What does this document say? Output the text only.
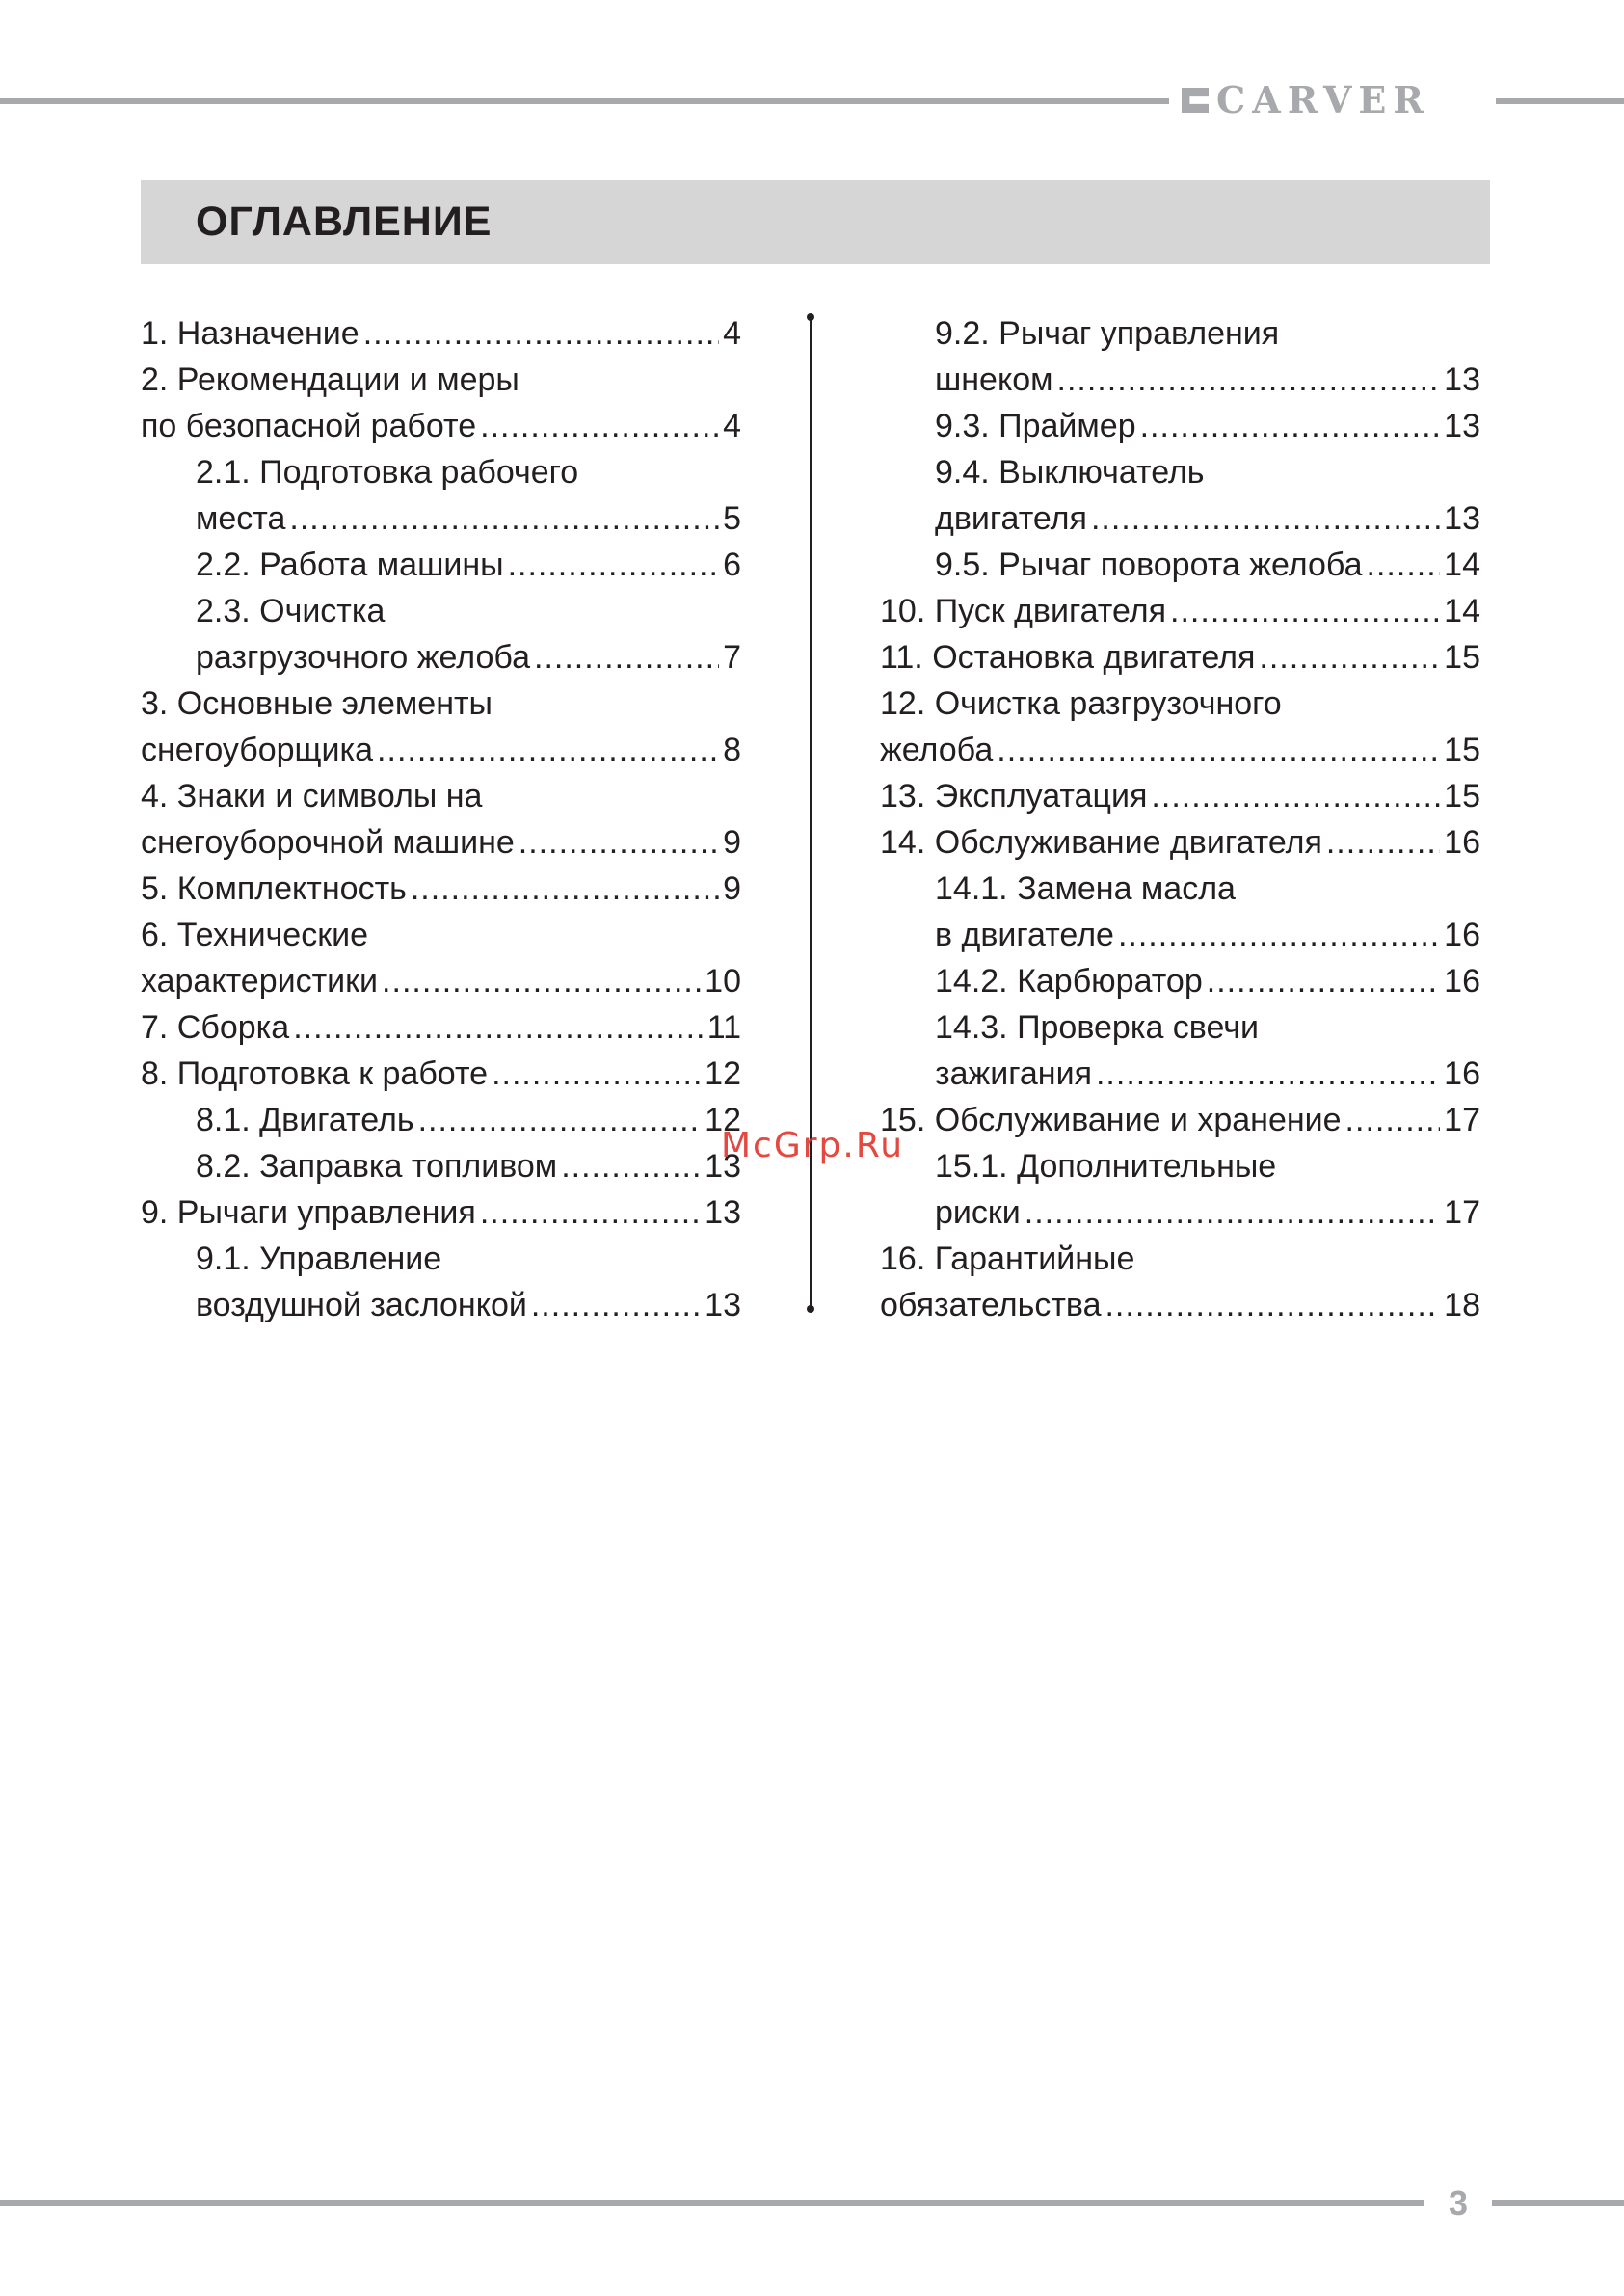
CARVER
ОГЛАВЛЕНИЕ
1. Назначение .....	4
2. Рекомендации и меры
по безопасной работе .....	4
2.1. Подготовка рабочего
места .....	5
2.2. Работа машины .....	6
2.3. Очистка
разгрузочного желоба .....	7
3. Основные элементы
снегоуборщика .....	8
4. Знаки и символы на
снегоуборочной машине .....	9
5. Комплектность .....	9
6. Технические
характеристики .....	10
7. Сборка .....	11
8. Подготовка к работе .....	12
8.1. Двигатель .....	12
8.2. Заправка топливом .....	13
9. Рычаги управления .....	13
9.1. Управление
воздушной заслонкой .....	13
9.2. Рычаг управления
шнеком .....	13
9.3. Праймер .....	13
9.4. Выключатель
двигателя .....	13
9.5. Рычаг поворота желоба ..... 14
10. Пуск двигателя .....	14
11. Остановка двигателя .....	15
12. Очистка разгрузочного
желоба .....	15
13. Эксплуатация .....	15
14. Обслуживание двигателя .....	16
14.1. Замена масла
в двигателе .....	16
14.2. Карбюратор .....	16
14.3. Проверка свечи
зажигания .....	16
15. Обслуживание и хранение .....	17
15.1. Дополнительные
риски .....	17
16. Гарантийные
обязательства .....	18
McGrp.Ru
3
